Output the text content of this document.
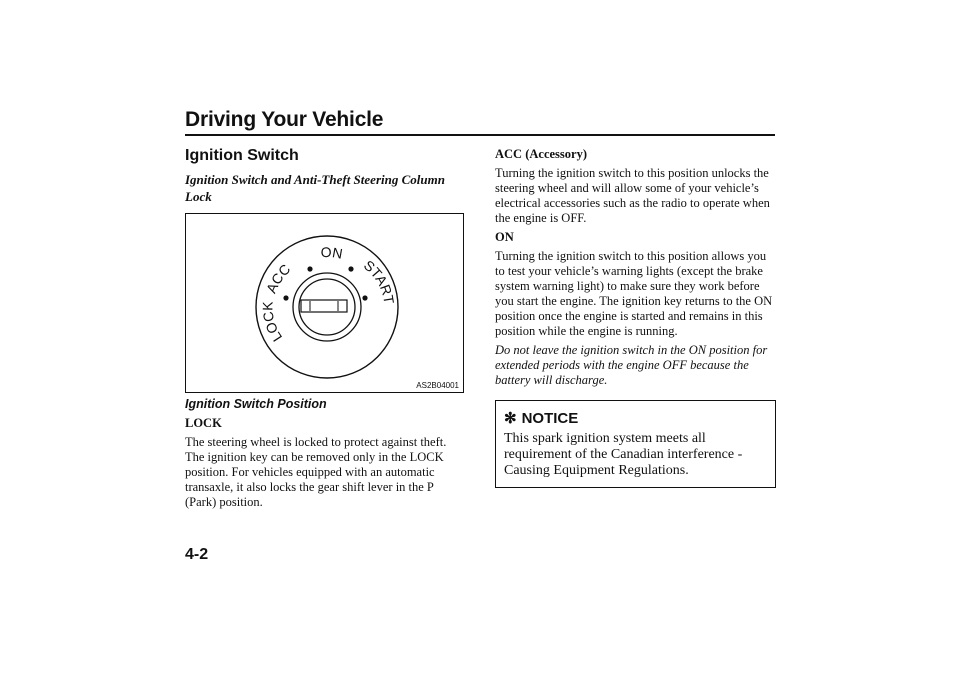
Driving Your Vehicle
Ignition Switch
Ignition Switch and Anti-Theft Steering Column Lock
LOCK
ACC
ON
START
AS2B04001
Ignition Switch Position
LOCK
The steering wheel is locked to protect against theft. The ignition key can be removed only in the LOCK position. For vehicles equipped with an automatic transaxle, it also locks the gear shift lever in the P (Park) position.
ACC (Accessory)
Turning the ignition switch to this position unlocks the steering wheel and will allow some of your vehicle’s electrical accessories such as the radio to operate when the engine is OFF.
ON
Turning the ignition switch to this position allows you to test your vehicle’s warning lights (except the brake system warning light) to make sure they work before you start the engine. The ignition key returns to the ON position once the engine is started and remains in this position while the engine is running.
Do not leave the ignition switch in the ON position for extended periods with the engine OFF because the battery will discharge.
✻ NOTICE
This spark ignition system meets all requirement of the Canadian interference - Causing Equipment Regulations.
4-2
